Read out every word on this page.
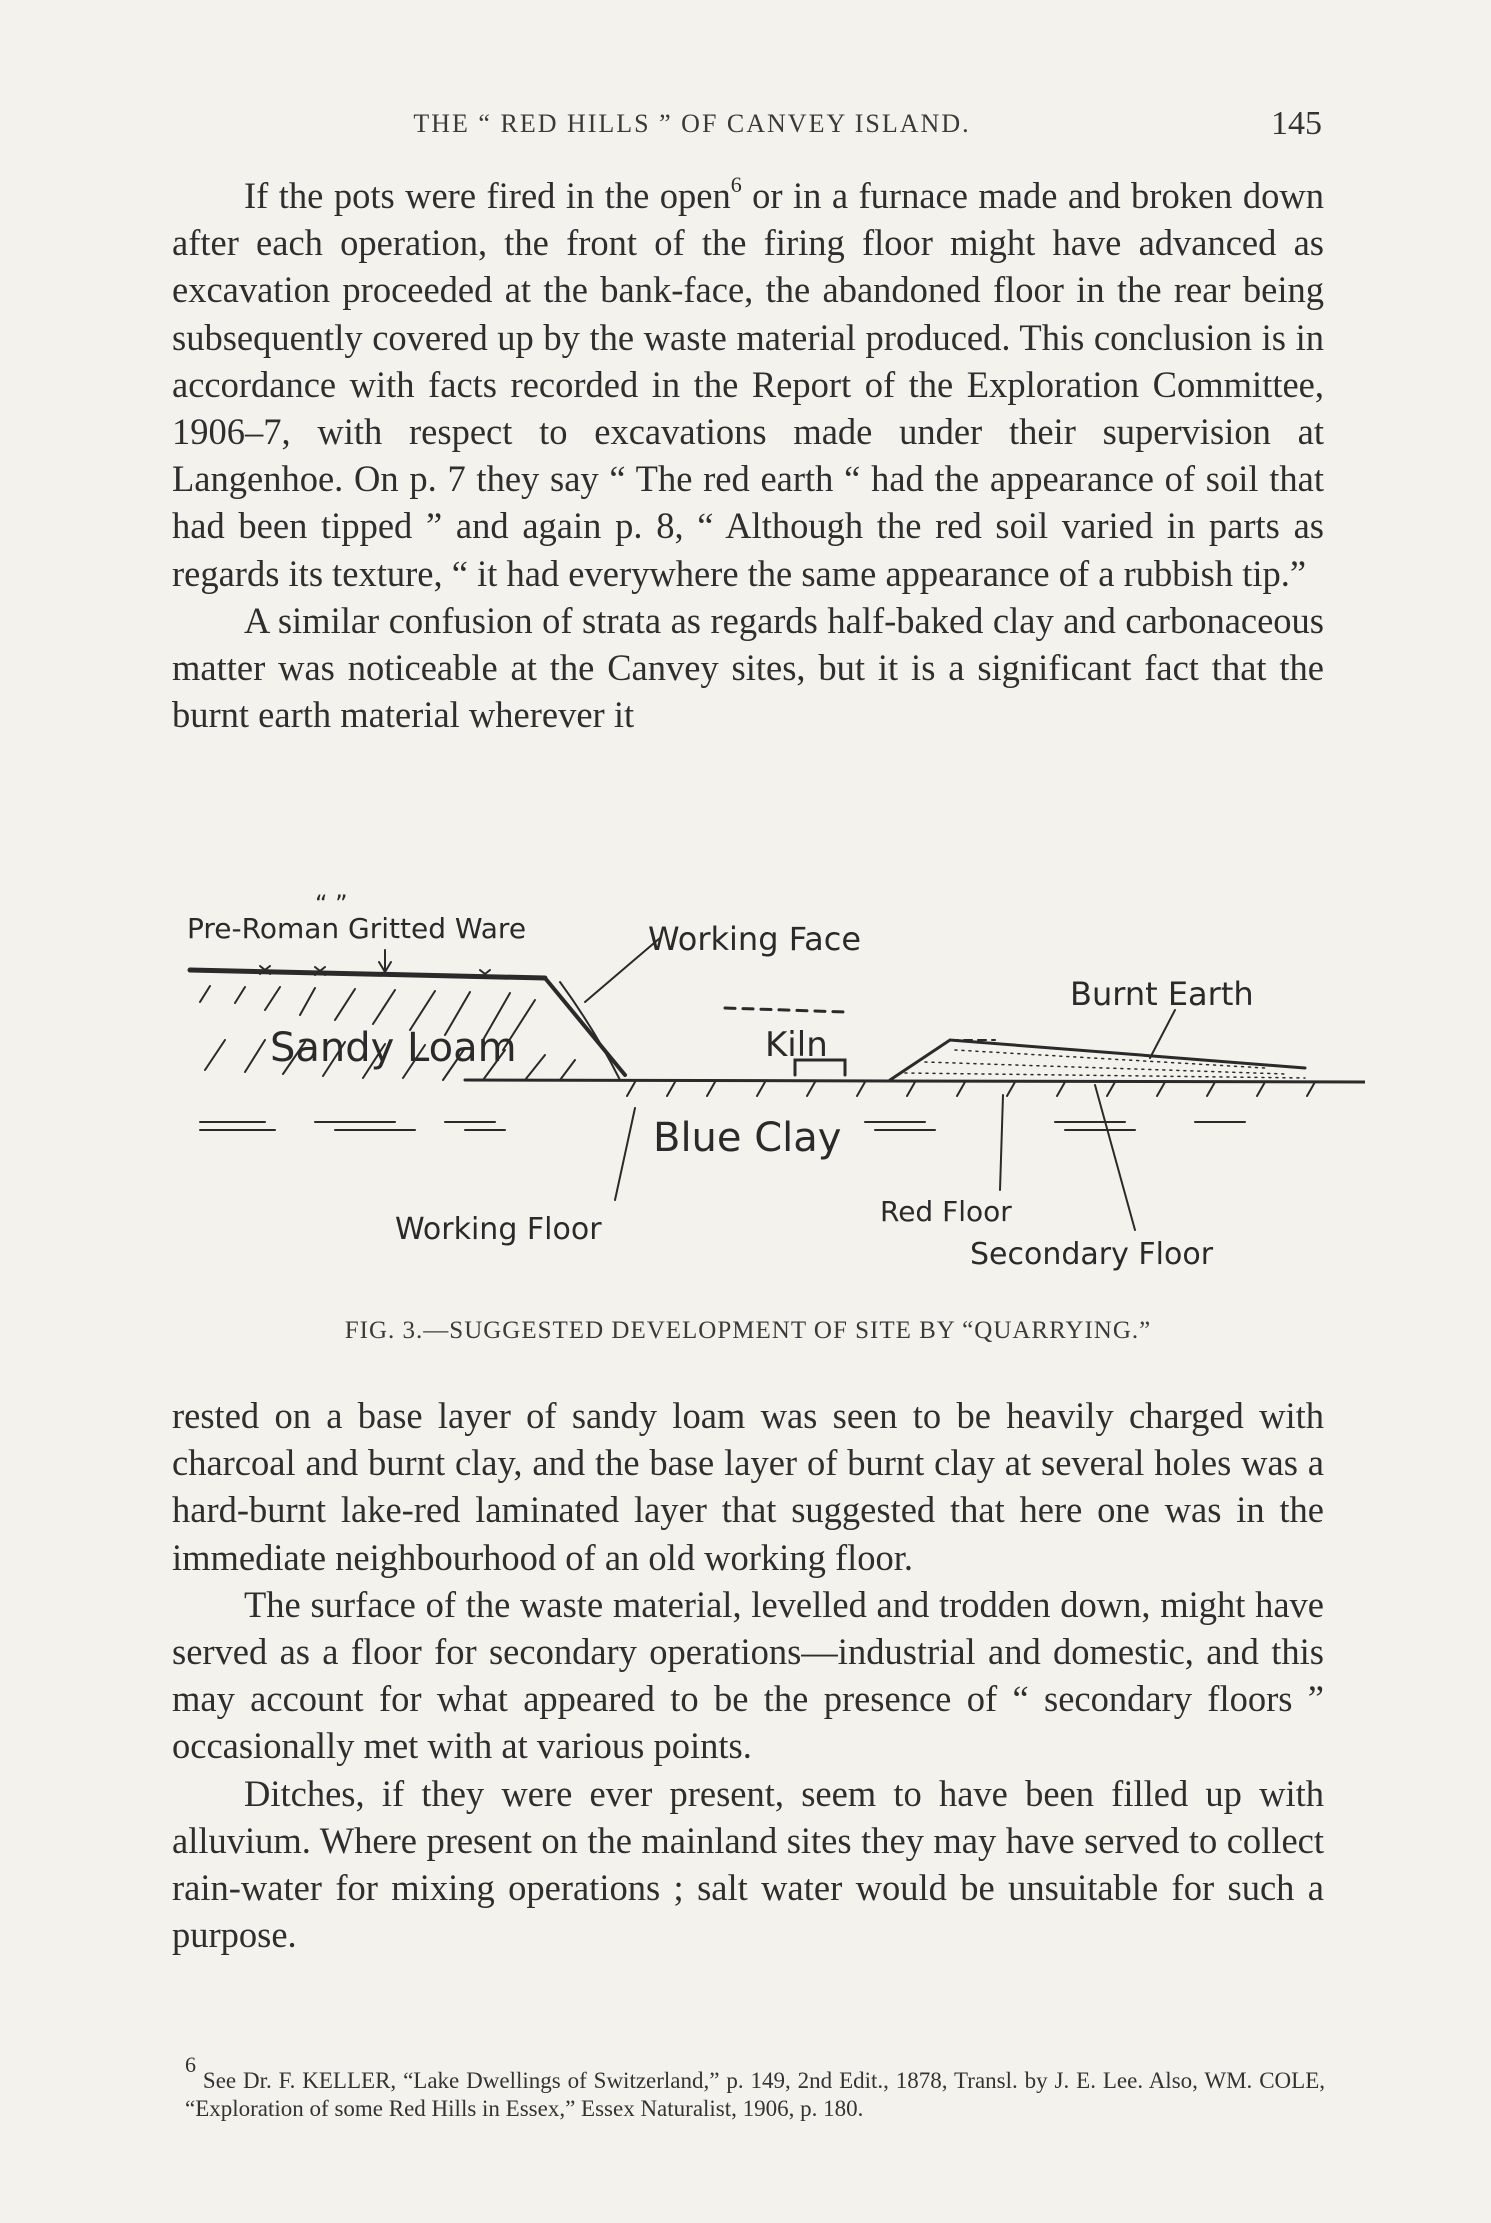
THE “ RED HILLS ” OF CANVEY ISLAND.	145

If the pots were fired in the open$^6$ or in a furnace made and broken down after each operation, the front of the firing floor might have advanced as excavation proceeded at the bank-face, the abandoned floor in the rear being subsequently covered up by the waste material produced. This conclusion is in accordance with facts recorded in the Report of the Exploration Committee, 1906–7, with respect to excavations made under their supervision at Langenhoe. On p. 7 they say “ The red earth “ had the appearance of soil that had been tipped ” and again p. 8, “ Although the red soil varied in parts as regards its texture, “ it had everywhere the same appearance of a rubbish tip.”

A similar confusion of strata as regards half-baked clay and carbonaceous matter was noticeable at the Canvey sites, but it is a significant fact that the burnt earth material wherever it

“ ”
Pre-Roman Gritted Ware	Working Face
Burnt Earth
Sandy Loam	Kiln
Blue Clay
Working Floor
Red Floor
Secondary Floor
FIG. 3.—SUGGESTED DEVELOPMENT OF SITE BY “QUARRYING.”

rested on a base layer of sandy loam was seen to be heavily charged with charcoal and burnt clay, and the base layer of burnt clay at several holes was a hard-burnt lake-red laminated layer that suggested that here one was in the immediate neighbourhood of an old working floor.

The surface of the waste material, levelled and trodden down, might have served as a floor for secondary operations—industrial and domestic, and this may account for what appeared to be the presence of “ secondary floors ” occasionally met with at various points.

Ditches, if they were ever present, seem to have been filled up with alluvium. Where present on the mainland sites they may have served to collect rain-water for mixing operations ; salt water would be unsuitable for such a purpose.

$^6$ See Dr. F. KELLER, “Lake Dwellings of Switzerland,” p. 149, 2nd Edit., 1878, Transl. by J. E. Lee. Also, WM. COLE, “Exploration of some Red Hills in Essex,” Essex Naturalist, 1906, p. 180.
